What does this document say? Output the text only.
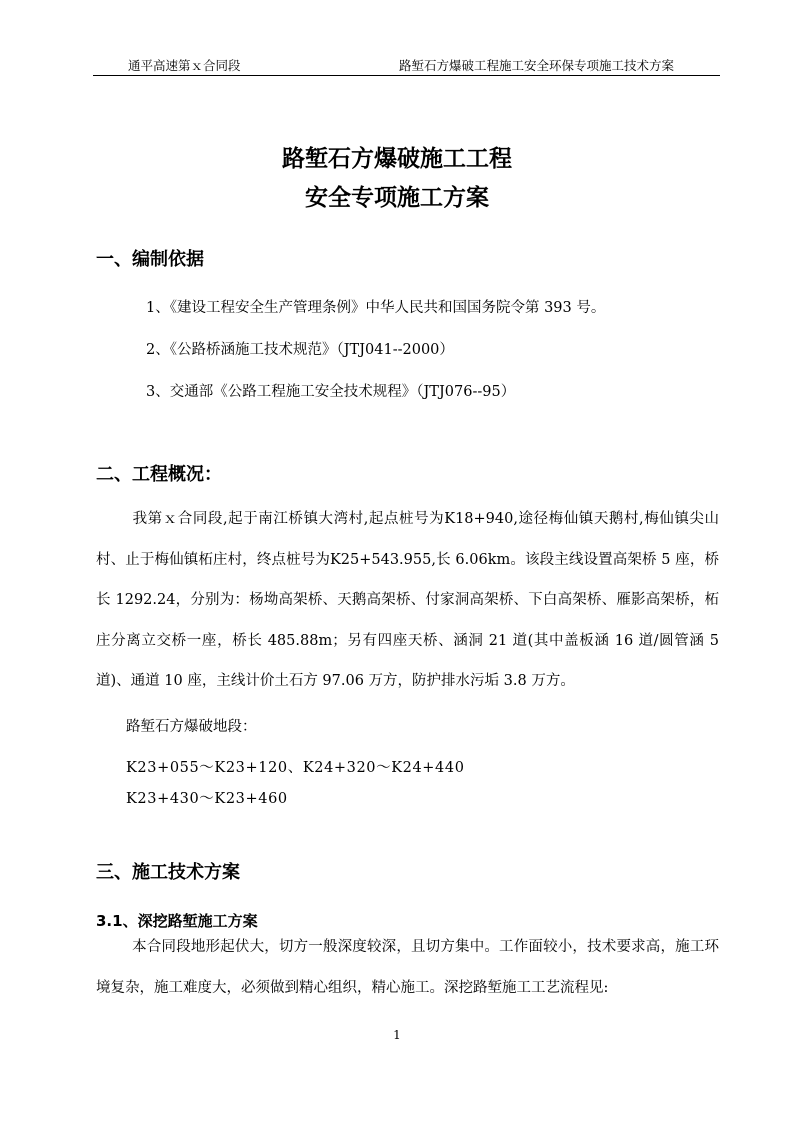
通平高速第ｘ合同段	路堑石方爆破工程施工安全环保专项施工技术方案
路堑石方爆破施工工程
安全专项施工方案
一、编制依据
1、《建设工程安全生产管理条例》中华人民共和国国务院令第 393 号。
2、《公路桥涵施工技术规范》（JTJ041--2000）
3、交通部《公路工程施工安全技术规程》（JTJ076--95）
二、工程概况：
我第ｘ合同段,起于南江桥镇大湾村,起点桩号为K18+940,途径梅仙镇天鹅村,梅仙镇尖山村、止于梅仙镇柘庄村，终点桩号为K25+543.955,长 6.06km。该段主线设置高架桥 5 座，桥长 1292.24，分别为：杨坳高架桥、天鹅高架桥、付家洞高架桥、下白高架桥、雁影高架桥，柘庄分离立交桥一座，桥长 485.88m；另有四座天桥、涵洞 21 道(其中盖板涵 16 道/圆管涵 5 道)、通道 10 座，主线计价土石方 97.06 万方，防护排水污垢 3.8 万方。
路堑石方爆破地段：
K23+055～K23+120、K24+320～K24+440
K23+430～K23+460
三、施工技术方案
3.1、深挖路堑施工方案
本合同段地形起伏大，切方一般深度较深，且切方集中。工作面较小，技术要求高，施工环境复杂，施工难度大，必须做到精心组织，精心施工。深挖路堑施工工艺流程见:
1
